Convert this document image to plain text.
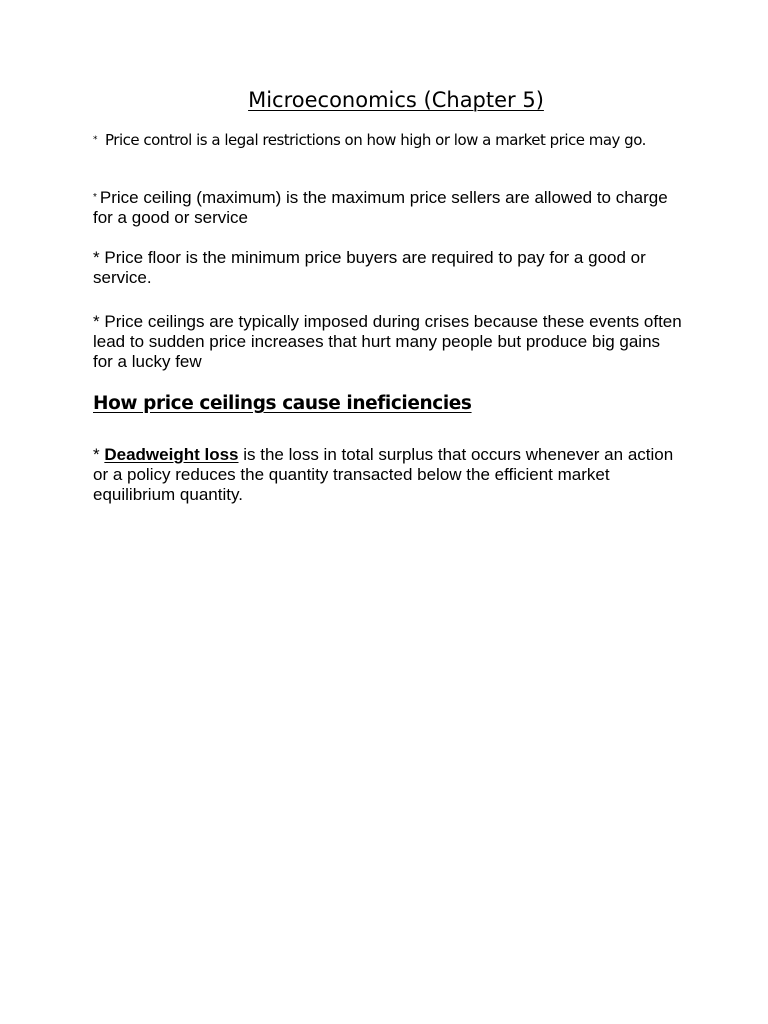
Microeconomics (Chapter 5)
* Price control is a legal restrictions on how high or low a market price may go.
* Price ceiling (maximum) is the maximum price sellers are allowed to charge for a good or service
* Price floor is the minimum price buyers are required to pay for a good or service.
* Price ceilings are typically imposed during crises because these events often lead to sudden price increases that hurt many people but produce big gains for a lucky few
How price ceilings cause ineficiencies
* Deadweight loss is the loss in total surplus that occurs whenever an action or a policy reduces the quantity transacted below the efficient market equilibrium quantity.
